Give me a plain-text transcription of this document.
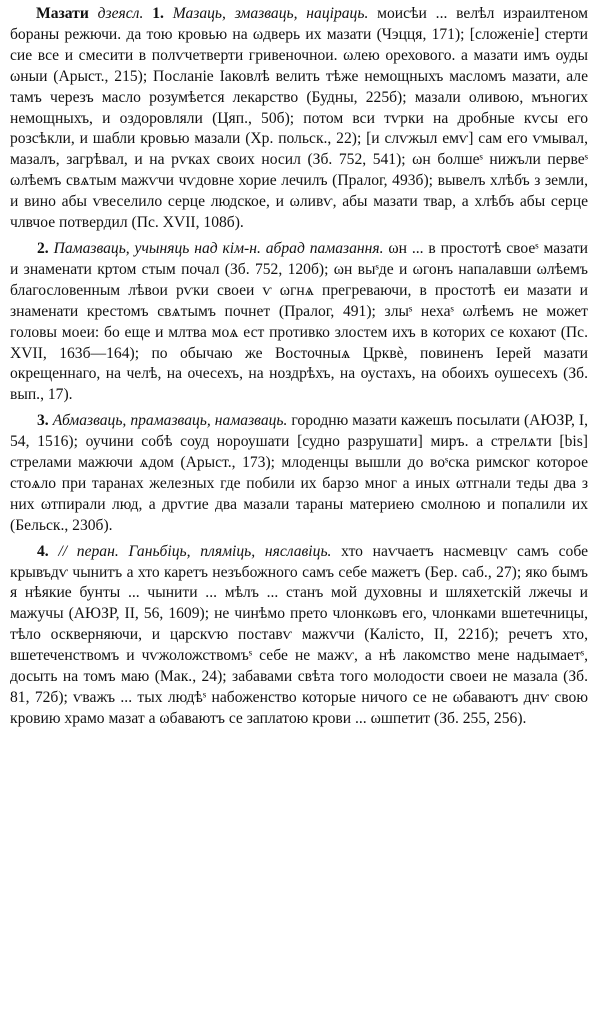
Мазати дзеясл. 1. Мазаць, змазваць, націраць. моисѣи ... велѣл израилтеном бораны режючи. да тою кровью на ωдверь их мазати (Чэцця, 171); [сложеніе] стерти сие все и смесити в полѵчетверти гривеночнои. ωлею орехового. а мазати имъ оуды ωныи (Арыст., 215); Посланіе Іаковлѣ велить тѣже немощныхъ масломъ мазати, але тамъ черезъ масло розумѣется лекарство (Будны, 225б); мазали оливою, мъногих немощныхъ, и оздоровляли (Цяп., 50б); потом вси тѵрки на дробные кѵсы его розсѣкли, и шабли кровью мазали (Хр. польск., 22); [и слѵжыл емѵ] сам его ѵмывал, мазалъ, загрѣвал, и на рѵках своих носил (Зб. 752, 541); ωн болшеˢ нижъли первеˢ ωлѣемъ свѧтым мажѵчи чѵдовне хорие лечилъ (Пралог, 493б); вывелъ хлѣбъ з земли, и вино абы ѵвеселило серце людское, и ωливѵ, абы мазати твар, а хлѣбъ абы серце члвчое потвердил (Пс. XVII, 108б).

2. Памазваць, учыняць над кім-н. абрад памазання. ωн ... в простотѣ своеˢ мазати и знаменати кртом стым почал (Зб. 752, 120б); ωн выˢде и ωгонъ напалавши ωлѣемъ благословенным лѣвои рѵки своеи ѵ ωгнѧ прегреваючи, в простотѣ еи мазати и знаменати крестомъ свѧтымъ почнет (Пралог, 491); злыˢ нехаˢ ωлѣемъ не может головы моеи: бо еще и млтва моѧ ест противко злостем ихъ в которих се кохают (Пс. XVII, 163б—164); по обычаю же Восточныѧ Црквѐ, повиненъ Іерей мазати окрещеннаго, на челѣ, на очесехъ, на ноздрѣхъ, на оустахъ, на обоихъ оушесехъ (Зб. вып., 17).

3. Абмазваць, прамазваць, намазваць. городню мазати кажешъ посылати (АЮЗР, I, 54, 1516); оучини собѣ соуд нороушати [судно разрушати] миръ. а стрелѧти [bis] стрелами мажючи ѧдом (Арыст., 173); млоденцы вышли до воˢска римског которое стоѧло при таранах железных где побили их барзо мног а иных ωтгнали теды два з них ωтпирали люд, а дрѵгие два мазали тараны материею смолною и попалили их (Бельск., 230б).

4. // перан. Ганьбіць, пляміць, няславіць. хто наѵчаетъ насмевцѵ самъ собе крывъдѵ чынитъ а хто каретъ незъбожного самъ себе мажетъ (Бер. саб., 27); яко бымъ я нѣякие бунты ... чынити ... мѣлъ ... станъ мой духовны и шляхетскій лжечы и мажучы (АЮЗР, II, 56, 1609); не чинѣмо прето члонкωвъ его, члонками вшетечницы, тѣло оскверняючи, и царскѵю поставѵ мажѵчи (Калісто, II, 221б); речетъ хто, вшетеченствомъ и чѵжоложствомъˢ себе не мажѵ, а нѣ лакомство мене надымаетˢ, досыть на томъ маю (Мак., 24); забавами свѣта того молодости своеи не мазала (Зб. 81, 72б); ѵважъ ... тых людѣˢ набоженство которые ничого се не ωбаваютъ днѵ свою кровию храмо мазат а ωбаваютъ се заплатою крови ... ωшпетит (Зб. 255, 256).
